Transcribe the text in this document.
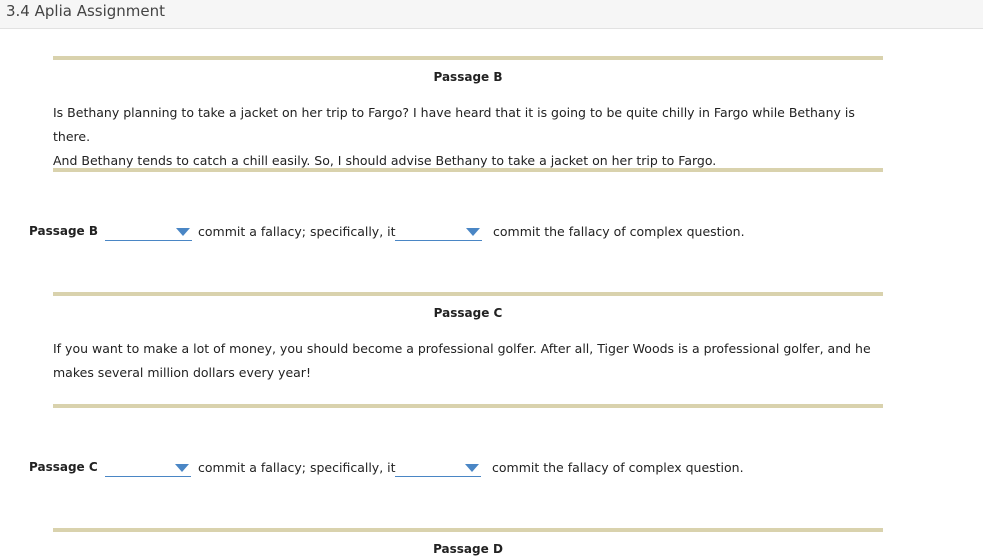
3.4 Aplia Assignment
Passage B
Is Bethany planning to take a jacket on her trip to Fargo? I have heard that it is going to be quite chilly in Fargo while Bethany is there.
And Bethany tends to catch a chill easily. So, I should advise Bethany to take a jacket on her trip to Fargo.
Passage B	commit a fallacy; specifically, it	commit the fallacy of complex question.
Passage C
If you want to make a lot of money, you should become a professional golfer. After all, Tiger Woods is a professional golfer, and he
makes several million dollars every year!
Passage C	commit a fallacy; specifically, it	commit the fallacy of complex question.
Passage D
